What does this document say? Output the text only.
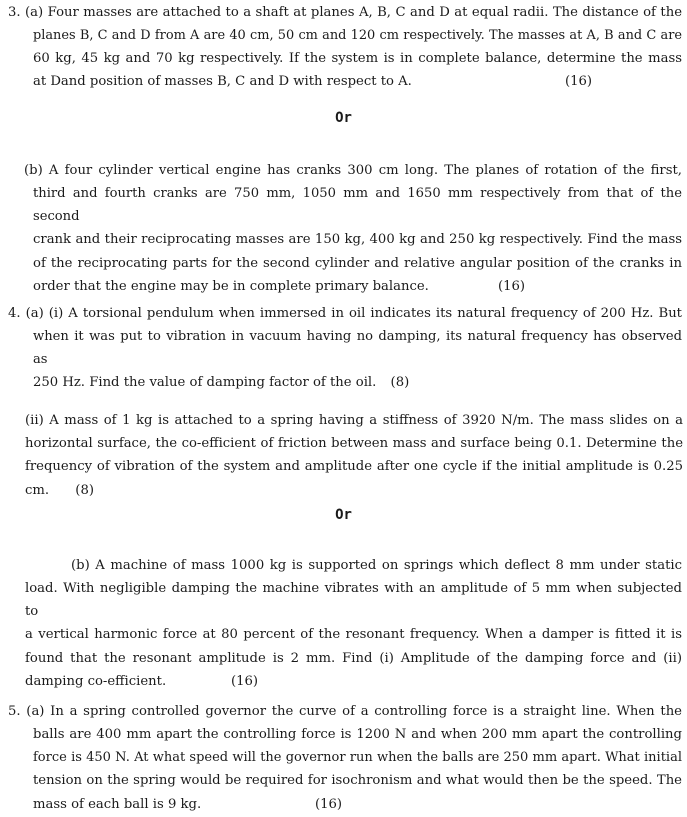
3. (a) Four masses are attached to a shaft at planes A, B, C and D at equal radii. The distance of the
planes B, C and D from A are 40 cm, 50 cm and 120 cm respectively. The masses at A, B and C are
60 kg, 45 kg and 70 kg respectively. If the system is in complete balance, determine the mass
at Dand position of masses B, C and D with respect to A.	(16)
Or
(b) A four cylinder vertical engine has cranks 300 cm long. The planes of rotation of the first,
third and fourth cranks are 750 mm, 1050 mm and 1650 mm respectively from that of the second
crank and their reciprocating masses are 150 kg, 400 kg and 250 kg respectively. Find the mass
of the reciprocating parts for the second cylinder and relative angular position of the cranks in
order that the engine may be in complete primary balance.	(16)
4. (a) (i) A torsional pendulum when immersed in oil indicates its natural frequency of 200 Hz. But
when it was put to vibration in vacuum having no damping, its natural frequency has observed as
250 Hz. Find the value of damping factor of the oil. (8)
(ii) A mass of 1 kg is attached to a spring having a stiffness of 3920 N/m. The mass slides on a
horizontal surface, the co-efficient of friction between mass and surface being 0.1. Determine the
frequency of vibration of the system and amplitude after one cycle if the initial amplitude is 0.25
cm. (8)
Or
(b) A machine of mass 1000 kg is supported on springs which deflect 8 mm under static
load. With negligible damping the machine vibrates with an amplitude of 5 mm when subjected to
a vertical harmonic force at 80 percent of the resonant frequency. When a damper is fitted it is
found that the resonant amplitude is 2 mm. Find (i) Amplitude of the damping force and (ii)
damping co-efficient.	(16)
5. (a) In a spring controlled governor the curve of a controlling force is a straight line. When the
balls are 400 mm apart the controlling force is 1200 N and when 200 mm apart the controlling
force is 450 N. At what speed will the governor run when the balls are 250 mm apart. What initial
tension on the spring would be required for isochronism and what would then be the speed. The
mass of each ball is 9 kg.	(16)
